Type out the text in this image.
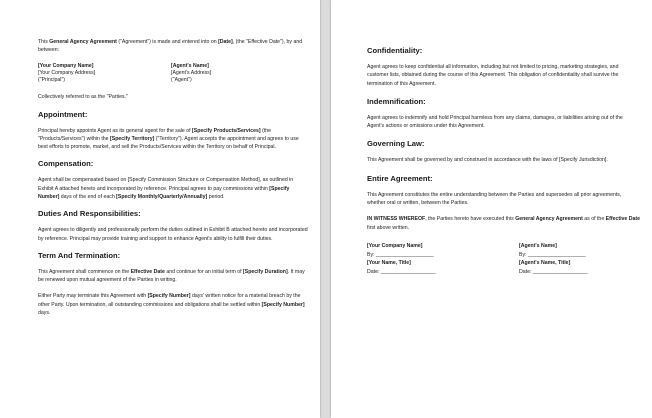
This General Agency Agreement ("Agreement") is made and entered into on [Date], (the "Effective Date"), by and between:

[Your Company Name]
[Your Company Address]
("Principal")
[Agent's Name]
[Agent's Address]
("Agent")

Collectively referred to as the "Parties."

Appointment:

Principal hereby appoints Agent as its general agent for the sale of [Specify Products/Services] (the "Products/Services") within the [Specify Territory] ("Territory"). Agent accepts the appointment and agrees to use best efforts to promote, market, and sell the Products/Services within the Territory on behalf of Principal.

Compensation:

Agent shall be compensated based on [Specify Commission Structure or Compensation Method], as outlined in Exhibit A attached hereto and incorporated by reference. Principal agrees to pay commissions within [Specify Number] days of the end of each [Specify Monthly/Quarterly/Annually] period.

Duties And Responsibilities:

Agent agrees to diligently and professionally perform the duties outlined in Exhibit B attached hereto and incorporated by reference. Principal may provide training and support to enhance Agent's ability to fulfill their duties.

Term And Termination:

This Agreement shall commence on the Effective Date and continue for an initial term of [Specify Duration]. It may be renewed upon mutual agreement of the Parties in writing.

Either Party may terminate this Agreement with [Specify Number] days' written notice for a material breach by the other Party. Upon termination, all outstanding commissions and obligations shall be settled within [Specify Number] days.

Confidentiality:

Agent agrees to keep confidential all information, including but not limited to pricing, marketing strategies, and customer lists, obtained during the course of this Agreement. This obligation of confidentiality shall survive the termination of this Agreement.

Indemnification:

Agent agrees to indemnify and hold Principal harmless from any claims, damages, or liabilities arising out of the Agent's actions or omissions under this Agreement.

Governing Law:

This Agreement shall be governed by and construed in accordance with the laws of [Specify Jurisdiction].

Entire Agreement:

This Agreement constitutes the entire understanding between the Parties and supersedes all prior agreements, whether oral or written, between the Parties.

IN WITNESS WHEREOF, the Parties hereto have executed this General Agency Agreement as of the Effective Date first above written.

[Your Company Name]
By: ____________________
[Your Name, Title]
Date: ___________________
[Agent's Name]
By: ____________________
[Agent's Name, Title]
Date: ___________________
